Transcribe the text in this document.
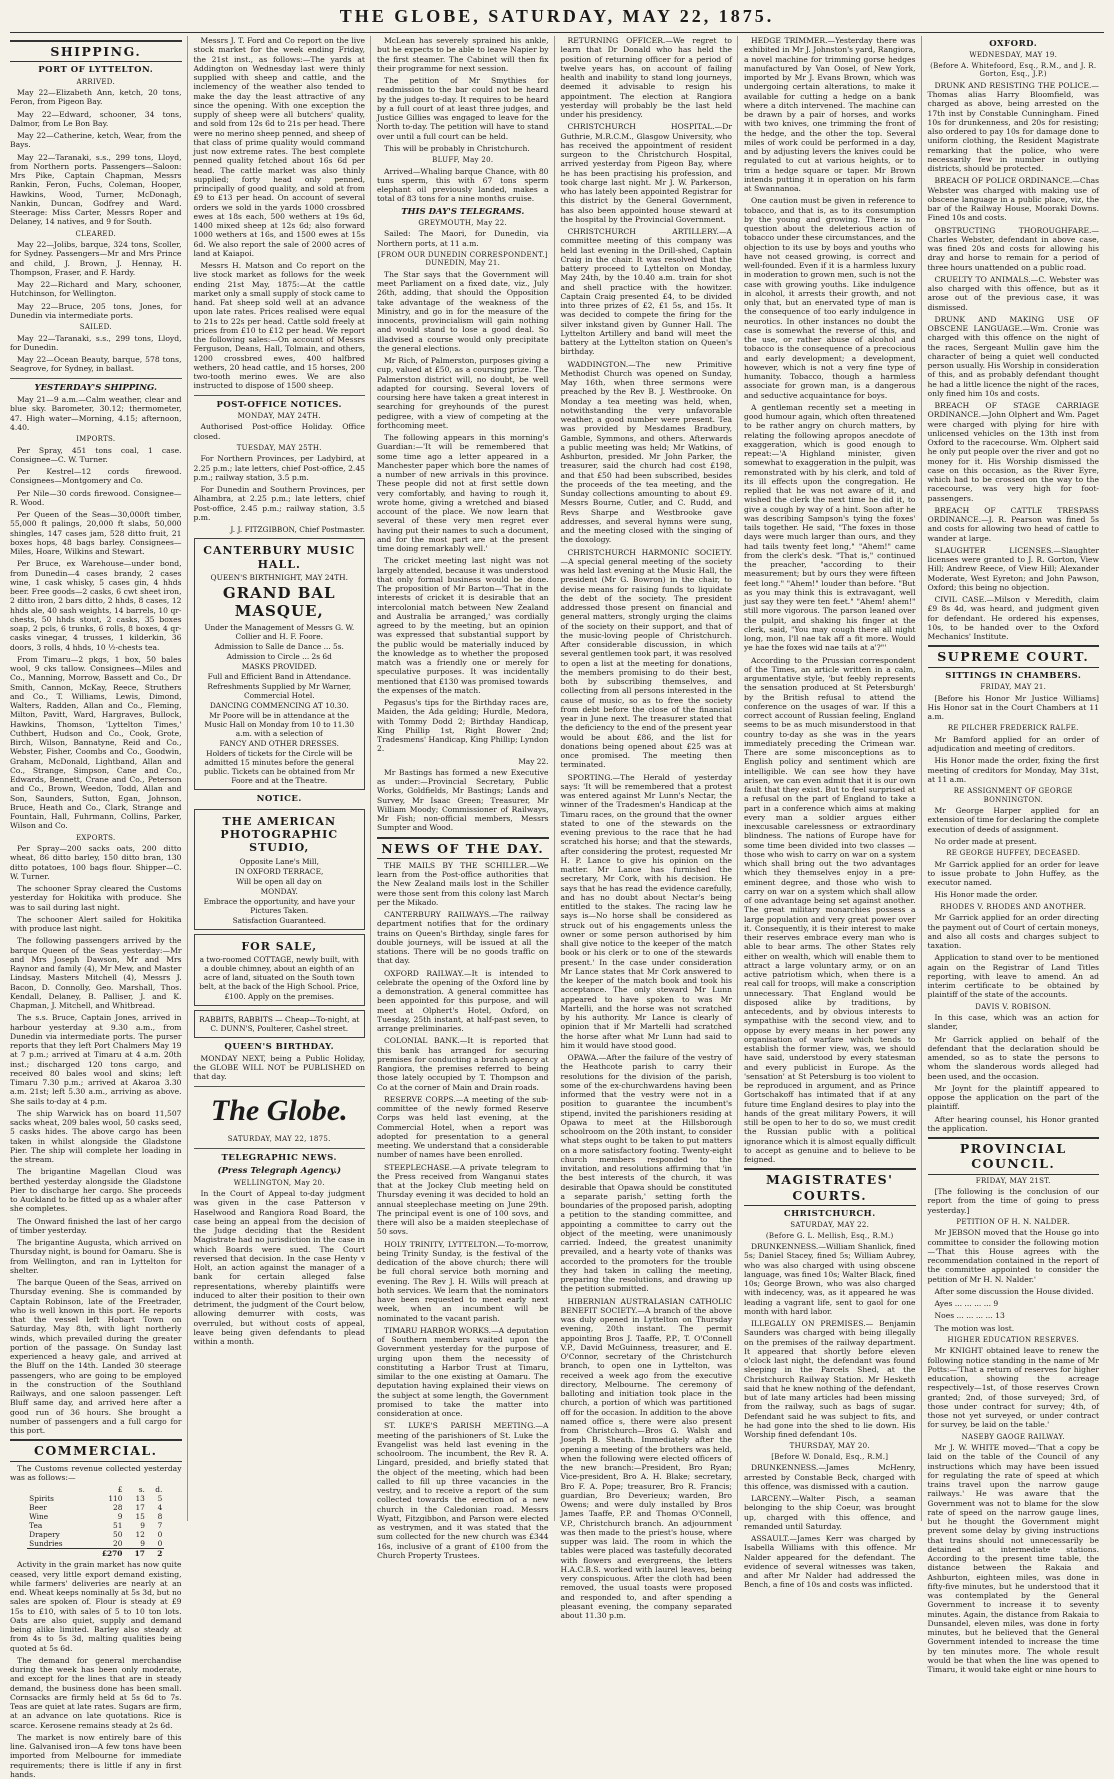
THE GLOBE, SATURDAY, MAY 22, 1875.
SHIPPING.
PORT OF LYTTELTON.
ARRIVED.

May 22—Elizabeth Ann, ketch, 20 tons, Feron, from Pigeon Bay.

May 22—Edward, schooner, 34 tons, Dalmor, from Le Bon Bay.

May 22—Catherine, ketch, Wear, from the Bays.

May 22—Taranaki, s.s., 299 tons, Lloyd, from Northern ports. Passengers—Saloon: Mrs Pike, Captain Chapman, Messrs Rankin, Feron, Fuchs, Coleman, Hooper, Hawkins, Wood, Turner, McDonagh, Nankin, Duncan, Godfrey and Ward. Steerage: Miss Carter, Messrs Roper and Delaney, 14 natives, and 9 for South.

CLEARED.

May 22—Jolibs, barque, 324 tons, Scoller, for Sydney. Passengers—Mr and Mrs Prince and child, J. Brown, J. Hennay, H. Thompson, Fraser, and F. Hardy.

May 22—Richard and Mary, schooner, Hutchinson, for Wellington.

May 22—Bruce, 205 tons, Jones, for Dunedin via intermediate ports.

SAILED.

May 22—Taranaki, s.s., 299 tons, Lloyd, for Dunedin.

May 22—Ocean Beauty, barque, 578 tons, Seagrove, for Sydney, in ballast.

YESTERDAY'S SHIPPING.

May 21—9 a.m.—Calm weather, clear and blue sky. Barometer, 30.12; thermometer, 47. High water—Morning, 4.15; afternoon, 4.40.

IMPORTS.

Per Spray, 451 tons coal, 1 case. Consignee—C. W. Turner.

Per Kestrel—12 cords firewood. Consignees—Montgomery and Co.

Per Nile—30 cords firewood. Consignee—R. Wood.

Per Queen of the Seas—30,000ft timber, 55,000 ft palings, 20,000 ft slabs, 50,000 shingles, 147 cases jam, 528 ditto fruit, 21 boxes hops, 48 bags barley. Consignees—Miles, Hoare, Wilkins and Stewart.

Per Bruce, ex Warehouse—under bond, from Dunedin—4 cases brandy, 2 cases wine, 1 cask whisky, 5 cases gin, 4 hhds beer. Free goods—2 casks, 6 cwt sheet iron, 2 ditto iron, 2 bars ditto, 2 hhds, 8 cases, 12 hhds ale, 40 sash weights, 14 barrels, 10 qr-chests, 50 hhds stout, 2 casks, 35 boxes soap, 2 pcls, 6 trunks, 6 rolls, 8 boxes, 4 qr-casks vinegar, 4 trusses, 1 kilderkin, 36 doors, 3 rolls, 4 hhds, 10 ½-chests tea.

From Timaru—2 pkgs, 1 box, 50 bales wool, 9 cks tallow. Consignees—Miles and Co., Manning, Morrow, Bassett and Co., Dr Smith, Cannon, McKay, Reece, Struthers and Co., T. Williams, Lewis, Dimond, Walters, Radden, Allan and Co., Fleming, Milton, Pavitt, Ward, Hargraves, Bullock, Hawkins, Thomson, 'Lyttelton Times,' Cuthbert, Hudson and Co., Cook, Grote, Birch, Wilson, Bannatyne, Reid and Co., Webster, Fisher, Coombs and Co., Goodwin, Graham, McDonald, Lightband, Allan and Co., Strange, Simpson, Cane and Co., Edwards, Bennett, Crane and Co., Peterson and Co., Brown, Weedon, Todd, Allan and Son, Saunders, Sutton, Egan, Johnson, Bruce, Heath and Co., Clark, Strange and Fountain, Hall, Fuhrmann, Collins, Parker, Wilson and Co.

EXPORTS.

Per Spray—200 sacks oats, 200 ditto wheat, 86 ditto barley, 150 ditto bran, 130 ditto potatoes, 100 bags flour. Shipper—C. W. Turner.

The schooner Spray cleared the Customs yesterday for Hokitika with produce. She was to sail during last night.

The schooner Alert sailed for Hokitika with produce last night.

The following passengers arrived by the barque Queen of the Seas yesterday:—Mr and Mrs Joseph Dawson, Mr and Mrs Raynor and family (4), Mr Mew, and Master Lindsay, Masters Mitchell (4), Messrs J. Bacon, D. Connolly, Geo. Marshall, Thos. Kendall, Delaney, B. Palliser, J. and K. Chapman, J. Mitchell, and Whitbread.

The s.s. Bruce, Captain Jones, arrived in harbour yesterday at 9.30 a.m., from Dunedin via intermediate ports. The purser reports that they left Port Chalmers May 19 at 7 p.m.; arrived at Timaru at 4 a.m. 20th inst.; discharged 120 tons cargo, and received 80 bales wool and skins; left Timaru 7.30 p.m.; arrived at Akaroa 3.30 a.m. 21st; left 5.30 a.m., arriving as above. She sails to-day at 4 p.m.

The ship Warwick has on board 11,507 sacks wheat, 209 bales wool, 50 casks seed, 5 casks hides. The above cargo has been taken in whilst alongside the Gladstone Pier. The ship will complete her loading in the stream.

The brigantine Magellan Cloud was berthed yesterday alongside the Gladstone Pier to discharge her cargo. She proceeds to Auckland to be fitted up as a whaler after she completes.

The Onward finished the last of her cargo of timber yesterday.

The brigantine Augusta, which arrived on Thursday night, is bound for Oamaru. She is from Wellington, and ran in Lyttelton for shelter.

The barque Queen of the Seas, arrived on Thursday evening. She is commanded by Captain Robinson, late of the Freetrader, who is well known in this port. He reports that the vessel left Hobart Town on Saturday, May 8th, with light northerly winds, which prevailed during the greater portion of the passage. On Sunday last experienced a heavy gale, and arrived at the Bluff on the 14th. Landed 30 steerage passengers, who are going to be employed in the construction of the Southland Railways, and one saloon passenger. Left Bluff same day, and arrived here after a good run of 36 hours. She brought a number of passengers and a full cargo for this port.

COMMERCIAL.

The Customs revenue collected yesterday was as follows:—

	£	s.	d.
Spirits	110	13	5
Beer	28	17	4
Wine	9	15	8
Tea	51	9	7
Drapery	50	12	0
Sundries	20	9	0
	£270	17	2

Activity in the grain market has now quite ceased, very little export demand existing, while farmers' deliveries are nearly at an end. Wheat keeps nominally at 5s 3d, but no sales are spoken of. Flour is steady at £9 15s to £10, with sales of 5 to 10 ton lots. Oats are also quiet, supply and demand being alike limited. Barley also steady at from 4s to 5s 3d, malting qualities being quoted at 5s 6d.

The demand for general merchandise during the week has been only moderate, and except for the lines that are in steady demand, the business done has been small. Cornsacks are firmly held at 5s 6d to 7s. Teas are quiet at late rates. Sugars are firm, at an advance on late quotations. Rice is scarce. Kerosene remains steady at 2s 6d.

The market is now entirely bare of this line. Galvanised iron—A few tons have been imported from Melbourne for immediate requirements; there is little if any in first hands.

Messrs J. T. Ford and Co report on the live stock market for the week ending Friday, the 21st inst., as follows:—The yards at Addington on Wednesday last were thinly supplied with sheep and cattle, and the inclemency of the weather also tended to make the day the least attractive of any since the opening. With one exception the supply of sheep were all butchers' quality, and sold from 12s 6d to 21s per head. There were no merino sheep penned, and sheep of that class of prime quality would command just now extreme rates. The best complete penned quality fetched about 16s 6d per head. The cattle market was also thinly supplied; forty head only penned, principally of good quality, and sold at from £9 to £13 per head. On account of several orders we sold in the yards 1000 crossbred ewes at 18s each, 500 wethers at 19s 6d, 1400 mixed sheep at 12s 6d; also forward 1000 wethers at 16s, and 1500 ewes at 15s 6d. We also report the sale of 2000 acres of land at Kaiapoi.

Messrs H. Matson and Co report on the live stock market as follows for the week ending 21st May, 1875:—At the cattle market only a small supply of stock came to hand. Fat sheep sold well at an advance upon late rates. Prices realised were equal to 21s to 22s per head. Cattle sold freely at prices from £10 to £12 per head. We report the following sales:—On account of Messrs Ferguson, Deans, Hall, Tolmain, and others, 1200 crossbred ewes, 400 halfbred wethers, 20 head cattle, and 15 horses, 200 two-tooth merino ewes. We are also instructed to dispose of 1500 sheep.

POST-OFFICE NOTICES.
MONDAY, MAY 24TH.

Authorised Post-office Holiday. Office closed.

TUESDAY, MAY 25TH.

For Northern Provinces, per Ladybird, at 2.25 p.m.; late letters, chief Post-office, 2.45 p.m.; railway station, 3.5 p.m.

For Dunedin and Southern Provinces, per Alhambra, at 2.25 p.m.; late letters, chief Post-office, 2.45 p.m.; railway station, 3.5 p.m.

J. J. FITZGIBBON, Chief Postmaster.
CANTERBURY MUSIC HALL.
QUEEN'S BIRTHNIGHT, MAY 24TH.
GRAND BAL MASQUE,
Under the Management of Messrs G. W. Collier and H. F. Foore.
Admission to Salle de Dance ... 5s.
Admission to Circle ... 2s 6d
MASKS PROVIDED.
Full and Efficient Band in Attendance.
Refreshments Supplied by Mr Warner, Commercial Hotel.
DANCING COMMENCING AT 10.30.
Mr Poore will be in attendance at the Music Hall on Monday from 10 to 11.30 a.m. with a selection of
FANCY AND OTHER DRESSES.
Holders of tickets for the Circle will be admitted 15 minutes before the general public. Tickets can be obtained from Mr Foore and at the Theatre.
NOTICE.
THE AMERICAN PHOTOGRAPHIC STUDIO,
Opposite Lane's Mill,
IN OXFORD TERRACE,
Will be open all day on
MONDAY.
Embrace the opportunity, and have your Pictures Taken.
Satisfaction Guaranteed.
FOR SALE,
a two-roomed COTTAGE, newly built, with a double chimney, about an eighth of an acre of land, situated on the South town belt, at the back of the High School. Price, £100. Apply on the premises.
RABBITS, RABBITS — Cheap—To-night, at C. DUNN'S, Poulterer, Cashel street.
QUEEN'S BIRTHDAY.

MONDAY NEXT, being a Public Holiday, the GLOBE WILL NOT be PUBLISHED on that day.

The Globe.
SATURDAY, MAY 22, 1875.
TELEGRAPHIC NEWS.
(Press Telegraph Agency.)
WELLINGTON, May 20.

In the Court of Appeal to-day judgment was given in the case Patterson v Haselwood and Rangiora Road Board, the case being an appeal from the decision of the Judge deciding that the Resident Magistrate had no jurisdiction in the case in which Boards were sued. The Court reversed that decision. In the case Henty v Holt, an action against the manager of a bank for certain alleged false representations, whereby plaintiffs were induced to alter their position to their own detriment, the judgment of the Court below, allowing demurrer with costs, was overruled, but without costs of appeal, leave being given defendants to plead within a month.

McLean has severely sprained his ankle, but he expects to be able to leave Napier by the first steamer. The Cabinet will then fix their programme for next session.

The petition of Mr Smythies for readmission to the bar could not be heard by the judges to-day. It requires to be heard by a full court of at least three judges, and Justice Gillies was engaged to leave for the North to-day. The petition will have to stand over until a full court can be held.

This will be probably in Christchurch.

BLUFF, May 20.

Arrived—Whaling barque Chance, with 80 tuns sperm, this with 67 tons sperm elephant oil previously landed, makes a total of 83 tons for a nine months cruise.

THIS DAY'S TELEGRAMS.
GREYMOUTH, May 22.

Sailed: The Maori, for Dunedin, via Northern ports, at 11 a.m.

[FROM OUR DUNEDIN CORRESPONDENT.] DUNEDIN, May 21.

The Star says that the Government will meet Parliament on a fixed date, viz., July 26th, adding, that should the Opposition take advantage of the weakness of the Ministry, and go in for the measure of the innocents, provincialism will gain nothing and would stand to lose a good deal. So illadvised a course would only precipitate the general elections.

Mr Rich, of Palmerston, purposes giving a cup, valued at £50, as a coursing prize. The Palmerston district will, no doubt, be well adapted for coursing. Several lovers of coursing here have taken a great interest in searching for greyhounds of the purest pedigree, with a view of competing at the forthcoming meet.

The following appears in this morning's Guardian:—'It will be remembered that some time ago a letter appeared in a Manchester paper which bore the names of a number of new arrivals in this province. These people did not at first settle down very comfortably, and having to rough it, wrote home, giving a wretched and biased account of the place. We now learn that several of these very men regret ever having put their names to such a document, and for the most part are at the present time doing remarkably well.'

The cricket meeting last night was not largely attended, because it was understood that only formal business would be done. The proposition of Mr Barton—'That in the interests of cricket it is desirable that an intercolonial match between New Zealand and Australia be arranged,' was cordially agreed to by the meeting, but an opinion was expressed that substantial support by the public would be materially induced by the knowledge as to whether the proposed match was a friendly one or merely for speculative purposes. It was incidentally mentioned that £130 was promised towards the expenses of the match.

Pegasus's tips for the Birthday races are, Maiden, the Ada gelding; Hurdle, Medora, with Tommy Dodd 2; Birthday Handicap, King Phillip 1st, Right Bower 2nd; Tradesmens' Handicap, King Phillip; Lyndon 2.

May 22.

Mr Bastings has formed a new Executive as under:—Provincial Secretary, Public Works, Goldfields, Mr Bastings; Lands and Survey, Mr Isaac Green; Treasurer, Mr William Moody; Commissioner of Railways, Mr Fish; non-official members, Messrs Sumpter and Wood.

NEWS OF THE DAY.

THE MAILS BY THE SCHILLER.—We learn from the Post-office authorities that the New Zealand mails lost in the Schiller were those sent from this colony last March per the Mikado.

CANTERBURY RAILWAYS.—The railway department notifies that for the ordinary trains on Queen's Birthday, single fares for double journeys, will be issued at all the stations. There will be no goods traffic on that day.

OXFORD RAILWAY.—It is intended to celebrate the opening of the Oxford line by a demonstration. A general committee has been appointed for this purpose, and will meet at Olphert's Hotel, Oxford, on Tuesday, 25th instant, at half-past seven, to arrange preliminaries.

COLONIAL BANK.—It is reported that this bank has arranged for securing premises for conducting a branch agency at Rangiora, the premises referred to being those lately occupied by T. Thompson and Co at the corner of Main and Drain roads.

RESERVE CORPS.—A meeting of the sub-committee of the newly formed Reserve Corps was held last evening, at the Commercial Hotel, when a report was adopted for presentation to a general meeting. We understand that a considerable number of names have been enrolled.

STEEPLECHASE.—A private telegram to the Press received from Wanganui states that at the Jockey Club meeting held on Thursday evening it was decided to hold an annual steeplechase meeting on June 29th. The principal event is one of 100 sovs, and there will also be a maiden steeplechase of 50 sovs.

HOLY TRINITY, LYTTELTON.—To-morrow, being Trinity Sunday, is the festival of the dedication of the above church; there will be full choral service both morning and evening. The Rev J. H. Wills will preach at both services. We learn that the nominators have been requested to meet early next week, when an incumbent will be nominated to the vacant parish.

TIMARU HARBOR WORKS.—A deputation of Southern members waited upon the Government yesterday for the purpose of urging upon them the necessity of constituting a Harbor Trust at Timaru, similar to the one existing at Oamaru. The deputation having explained their views on the subject at some length, the Government promised to take the matter into consideration at once.

ST. LUKE'S PARISH MEETING.—A meeting of the parishioners of St. Luke the Evangelist was held last evening in the schoolroom. The incumbent, the Rev R. A. Lingard, presided, and briefly stated that the object of the meeting, which had been called to fill up three vacancies in the vestry, and to receive a report of the sum collected towards the erection of a new church in the Caledonian road. Messrs Wyatt, Fitzgibbon, and Parson were elected as vestrymen, and it was stated that the sum collected for the new church was £344 16s, inclusive of a grant of £100 from the Church Property Trustees.

RETURNING OFFICER.—We regret to learn that Dr Donald who has held the position of returning officer for a period of twelve years has, on account of failing health and inability to stand long journeys, deemed it advisable to resign his appointment. The election at Rangiora yesterday will probably be the last held under his presidency.

CHRISTCHURCH HOSPITAL.—Dr Guthrie, M.R.C.M., Glasgow University, who has received the appointment of resident surgeon to the Christchurch Hospital, arrived yesterday from Pigeon Bay, where he has been practising his profession, and took charge last night. Mr J. W. Parkerson, who has lately been appointed Registrar for this district by the General Government, has also been appointed house steward at the hospital by the Provincial Government.

CHRISTCHURCH ARTILLERY.—A committee meeting of this company was held last evening in the Drill-shed, Captain Craig in the chair. It was resolved that the battery proceed to Lyttelton on Monday, May 24th, by the 10.40 a.m. train for shot and shell practice with the howitzer. Captain Craig presented £4, to be divided into three prizes of £2, £1 5s, and 15s. It was decided to compete the firing for the silver inkstand given by Gunner Hall. The Lyttelton Artillery and band will meet the battery at the Lyttelton station on Queen's birthday.

WADDINGTON.—The new Primitive Methodist Church was opened on Sunday, May 16th, when three sermons were preached by the Rev B. J. Westbrooke. On Monday a tea meeting was held, when, notwithstanding the very unfavorable weather, a good number were present. Tea was provided by Mesdames Bradbury, Gamble, Symmons, and others. Afterwards a public meeting was held; Mr Watkins, of Ashburton, presided. Mr John Parker, the treasurer, said the church had cost £198, and that £50 had been subscribed, besides the proceeds of the tea meeting, and the Sunday collections amounting to about £9. Messrs Bourne, Cutler, and C. Rudd, and Revs Sharpe and Westbrooke gave addresses, and several hymns were sung, and the meeting closed with the singing of the doxology.

CHRISTCHURCH HARMONIC SOCIETY.—A special general meeting of the society was held last evening at the Music Hall, the president (Mr G. Bowron) in the chair, to devise means for raising funds to liquidate the debt of the society. The president addressed those present on financial and general matters, strongly urging the claims of the society on their support, and that of the music-loving people of Christchurch. After considerable discussion, in which several gentlemen took part, it was resolved to open a list at the meeting for donations, the members promising to do their best, both by subscribing themselves, and collecting from all persons interested in the cause of music, so as to free the society from debt before the close of the financial year in June next. The treasurer stated that the deficiency to the end of the present year would be about £86, and the list for donations being opened about £25 was at once promised. The meeting then terminated.

SPORTING.—The Herald of yesterday says: 'It will be remembered that a protest was entered against Mr Lunn's Nectar, the winner of the Tradesmen's Handicap at the Timaru races, on the ground that the owner stated to one of the stewards on the evening previous to the race that he had scratched his horse; and that the stewards, after considering the protest, requested Mr H. P. Lance to give his opinion on the matter. Mr Lance has furnished the secretary, Mr Cork, with his decision. He says that he has read the evidence carefully, and has no doubt about Nectar's being entitled to the stakes. The racing law he says is—No horse shall be considered as struck out of his engagements unless the owner or some person authorised by him shall give notice to the keeper of the match book or his clerk or to one of the stewards present.' In the case under consideration Mr Lance states that Mr Cork answered to the keeper of the match book and took his acceptance. The only steward Mr Lunn appeared to have spoken to was Mr Martelli, and the horse was not scratched by his authority. Mr Lance is clearly of opinion that if Mr Martelli had scratched the horse after what Mr Lunn had said to him it would have stood good.

OPAWA.—After the failure of the vestry of the Heathcote parish to carry their resolutions for the division of the parish, some of the ex-churchwardens having been informed that the vestry were not in a position to guarantee the incumbent's stipend, invited the parishioners residing at Opawa to meet at the Hillsborough schoolroom on the 20th instant, to consider what steps ought to be taken to put matters on a more satisfactory footing. Twenty-eight church members responded to the invitation, and resolutions affirming that 'in the best interests of the church, it was desirable that Opawa should be constituted a separate parish,' setting forth the boundaries of the proposed parish, adopting a petition to the standing committee, and appointing a committee to carry out the object of the meeting, were unanimously carried. Indeed, the greatest unanimity prevailed, and a hearty vote of thanks was accorded to the promoters for the trouble they had taken in calling the meeting, preparing the resolutions, and drawing up the petition submitted.

HIBERNIAN AUSTRALASIAN CATHOLIC BENEFIT SOCIETY.—A branch of the above was duly opened in Lyttelton on Thursday evening, 20th instant. The permit appointing Bros J. Taaffe, P.P., T. O'Connell V.P., David McGuinness, treasurer, and E. O'Connor, secretary of the Christchurch branch, to open one in Lyttelton, was received a week ago from the executive directory, Melbourne. The ceremony of balloting and initiation took place in the church, a portion of which was partitioned off for the occasion. In addition to the above named office s, there were also present from Christchurch—Bros G. Walsh and Joseph B. Sheath. Immediately after the opening a meeting of the brothers was held, when the following were elected officers of the new branch:—President, Bro Ryan; Vice-president, Bro A. H. Blake; secretary, Bro F. A. Pope; treasurer, Bro R. Francis; guardian, Bro Deverieux; warden, Bro Owens; and were duly installed by Bros James Taaffe, P.P. and Thomas O'Connell, V.P., Christchurch branch. An adjournment was then made to the priest's house, where supper was laid. The room in which the tables were placed was tastefully decorated with flowers and evergreens, the letters H.A.C.B.S. worked with laurel leaves, being very conspicuous. After the cloth had been removed, the usual toasts were proposed and responded to, and after spending a pleasant evening, the company separated about 11.30 p.m.

HEDGE TRIMMER.—Yesterday there was exhibited in Mr J. Johnston's yard, Rangiora, a novel machine for trimming gorse hedges manufactured by Van Oosel, of New York, imported by Mr J. Evans Brown, which was undergoing certain alterations, to make it available for cutting a hedge on a bank where a ditch intervened. The machine can be drawn by a pair of horses, and works with two knives, one trimming the front of the hedge, and the other the top. Several miles of work could be performed in a day, and by adjusting levers the knives could be regulated to cut at various heights, or to trim a hedge square or taper. Mr Brown intends putting it in operation on his farm at Swannanoa.

One caution must be given in reference to tobacco, and that is, as to its consumption by the young and growing. There is no question about the deleterious action of tobacco under these circumstances, and the objection to its use by boys and youths who have not ceased growing, is correct and well-founded. Even if it is a harmless luxury in moderation to grown men, such is not the case with growing youths. Like indulgence in alcohol, it arrests their growth, and not only that, but an enervated type of man is the consequence of too early indulgence in neurotics. In other instances no doubt the case is somewhat the reverse of this, and the use, or rather abuse of alcohol and tobacco is the consequence of a precocious and early development; a development, however, which is not a very fine type of humanity. Tobacco, though a harmless associate for grown man, is a dangerous and seductive acquaintance for boys.

A gentleman recently set a meeting in good humour again, which often threatened to be rather angry on church matters, by relating the following apropos anecdote of exaggeration, which is good enough to repeat:—'A Highland minister, given somewhat to exaggeration in the pulpit, was remonstrated with by his clerk, and told of its ill effects upon the congregation. He replied that he was not aware of it, and wished the clerk the next time he did it, to give a cough by way of a hint. Soon after he was describing Sampson's tying the foxes' tails together. He said, "The foxes in those days were much larger than ours, and they had tails twenty feet long," "Ahem!" came from the clerk's desk. "That is," continued the preacher, "according to their measurement; but by ours they were fifteen feet long." "Ahem!" louder than before. "But as you may think this is extravagant, well just say they were ten feet." "Ahem! ahem!" still more vigorous. The parson leaned over the pulpit, and shaking his finger at the clerk, said, "You may cough there all night long, mon, I'll nae tak aff a fit more. Would ye hae the foxes wid nae tails at a'?"'

According to the Prussian correspondent of the Times, an article written in a calm, argumentative style, 'but feebly represents the sensation produced at St Petersburgh' by the British refusal to attend the conference on the usages of war. If this a correct account of Russian feeling, England seems to be as much misunderstood in that country to-day as she was in the years immediately preceding the Crimean war. There are some misconceptions as to English policy and sentiment which are intelligible. We can see how they have arisen, we can even admit that it is our own fault that they exist. But to feel surprised at a refusal on the part of England to take a part in a conference which aims at making every man a soldier argues either inexcusable carelessness or extraordinary blindness. The nations of Europe have for some time been divided into two classes —those who wish to carry on war on a system which shall bring out the two advantages which they themselves enjoy in a pre-eminent degree, and those who wish to carry on war on a system which shall allow of one advantage being set against another. The great military monarchies possess a large population and very great power over it. Consequently, it is their interest to make their reserves embrace every man who is able to bear arms. The other States rely either on wealth, which will enable them to attract a large voluntary army, or on an active patriotism which, when there is a real call for troops, will make a conscription unnecessary. That England would be disposed alike by traditions, by antecedents, and by obvious interests to sympathise with the second view, and to oppose by every means in her power any organisation of warfare which tends to establish the former view, was, we should have said, understood by every statesman and every publicist in Europe. As the 'sensation' at St Petersburg is too violent to be reproduced in argument, and as Prince Gortschakoff has intimated that if at any future time England desires to play into the hands of the great military Powers, it will still be open to her to do so, we must credit the Russian public with a political ignorance which it is almost equally difficult to accept as genuine and to believe to be feigned.

MAGISTRATES' COURTS.
CHRISTCHURCH.
SATURDAY, MAY 22.
(Before G. L. Mellish, Esq., R.M.)

DRUNKENNESS.—William Shanlick, fined 5s; Daniel Stacey, fined 5s; William Aubrey, who was also charged with using obscene language, was fined 10s; Walter Black, fined 10s; George Brown, who was also charged with indecency, was, as it appeared he was leading a vagrant life, sent to gaol for one month with hard labor.

ILLEGALLY ON PREMISES.— Benjamin Saunders was charged with being illegally on the premises of the railway department. It appeared that shortly before eleven o'clock last night, the defendant was found sleeping in the Parcels Shed, at the Christchurch Railway Station. Mr Hesketh said that he knew nothing of the defendant, but of late many articles had been missing from the railway, such as bags of sugar. Defendant said he was subject to fits, and he had gone into the shed to lie down. His Worship fined defendant 10s.

THURSDAY, MAY 20.
[Before W. Donald, Esq., R.M.]

DRUNKENNESS.—James McHenry, arrested by Constable Beck, charged with this offence, was dismissed with a caution.

LARCENY.—Walter Pisch, a seaman belonging to the ship Coeur, was brought up, charged with this offence, and remanded until Saturday.

ASSAULT.—James Kerr was charged by Isabella Williams with this offence. Mr Nalder appeared for the defendant. The evidence of several witnesses was taken, and after Mr Nalder had addressed the Bench, a fine of 10s and costs was inflicted.

OXFORD.
WEDNESDAY, MAY 19.
(Before A. Whitefoord, Esq., R.M., and J. R. Gorton, Esq., J.P.)

DRUNK AND RESISTING THE POLICE.—Thomas alias Harry Bloomfield, was charged as above, being arrested on the 17th inst by Constable Cunningham. Fined 10s for drunkenness, and 20s for resisting; also ordered to pay 10s for damage done to uniform clothing, the Resident Magistrate remarking that the police, who were necessarily few in number in outlying districts, should be protected.

BREACH OF POLICE ORDINANCE.—Chas Webster was charged with making use of obscene language in a public place, viz, the bar of the Railway House, Mooraki Downs. Fined 10s and costs.

OBSTRUCTING THOROUGHFARE.—Charles Webster, defendant in above case, was fined 20s and costs for allowing his dray and horse to remain for a period of three hours unattended on a public road.

CRUELTY TO ANIMALS.—C. Webster was also charged with this offence, but as it arose out of the previous case, it was dismissed.

DRUNK AND MAKING USE OF OBSCENE LANGUAGE.—Wm. Cronie was charged with this offence on the night of the races, Sergeant Mullin gave him the character of being a quiet well conducted person usually. His Worship in consideration of this, and as probably defendant thought he had a little licence the night of the races, only fined him 10s and costs.

BREACH OF STAGE CARRIAGE ORDINANCE.—John Olphert and Wm. Paget were charged with plying for hire with unlicensed vehicles on the 13th inst from Oxford to the racecourse. Wm. Olphert said he only put people over the river and got no money for it. His Worship dismissed the case on this occasion, as the River Eyre, which had to be crossed on the way to the racecourse, was very high for foot-passengers.

BREACH OF CATTLE TRESPASS ORDINANCE.—J. R. Pearson was fined 5s and costs for allowing two head of cattle to wander at large.

SLAUGHTER LICENSES.—Slaughter licenses were granted to J. R. Gorton, View Hill; Andrew Reece, of View Hill; Alexander Moderate, West Eyreton; and John Pawson, Oxford; this being no objection.

CIVIL CASE.—Milson v Meredith, claim £9 8s 4d, was heard, and judgment given for defendant. He ordered his expenses, 10s, to be handed over to the Oxford Mechanics' Institute.

SUPREME COURT.
SITTINGS IN CHAMBERS.
FRIDAY, MAY 21.

[Before his Honor Mr Justice Williams] His Honor sat in the Court Chambers at 11 a.m.

RE PILCHER FREDERICK RALFE.

Mr Bamford applied for an order of adjudication and meeting of creditors.

His Honor made the order, fixing the first meeting of creditors for Monday, May 31st, at 11 a.m.

RE ASSIGNMENT OF GEORGE BONNINGTON.

Mr George Harper applied for an extension of time for declaring the complete execution of deeds of assignment.

No order made at present.

RE GEORGE HUFFEY, DECEASED.

Mr Garrick applied for an order for leave to issue probate to John Huffey, as the executor named.

His Honor made the order.

RHODES V. RHODES AND ANOTHER.

Mr Garrick applied for an order directing the payment out of Court of certain moneys, and also all costs and charges subject to taxation.

Application to stand over to be mentioned again on the Registrar of Land Titles reporting, with leave to amend. An ad interim certificate to be obtained by plaintiff of the state of the accounts.

DAVIS V. ROBISON.

In this case, which was an action for slander,

Mr Garrick applied on behalf of the defendant that the declaration should be amended, so as to state the persons to whom the slanderous words alleged had been used, and the occasion.

Mr Joynt for the plaintiff appeared to oppose the application on the part of the plaintiff.

After hearing counsel, his Honor granted the application.

PROVINCIAL COUNCIL.
FRIDAY, MAY 21ST.

[The following is the conclusion of our report from the time of going to press yesterday.]

PETITION OF H. N. NALDER.

Mr JEBSON moved that the House go into committee to consider the following motion—'That this House agrees with the recommendation contained in the report of the committee appointed to consider the petition of Mr H. N. Nalder.'

After some discussion the House divided.

Ayes ... ... ... ... 9

Noes ... ... ... ... 13

The motion was lost.

HIGHER EDUCATION RESERVES.

Mr KNIGHT obtained leave to renew the following notice standing in the name of Mr Potts:—'That a return of reserves for higher education, showing the acreage respectively—1st, of those reserves Crown granted; 2nd, of those surveyed; 3rd, of those under contract for survey; 4th, of those not yet surveyed, or under contract for survey, be laid on the table.'

NASEBY GAOGE RAILWAY.

Mr J. W. WHITE moved—'That a copy be laid on the table of the Council of any instructions which may have been issued for regulating the rate of speed at which trains travel upon the narrow gauge railways.' He was aware that the Government was not to blame for the slow rate of speed on the narrow gauge lines, but he thought the Government might prevent some delay by giving instructions that trains should not unnecessarily be detained at intermediate stations. According to the present time table, the distance between the Rakaia and Ashburton, eighteen miles, was done in fifty-five minutes, but he understood that it was contemplated by the General Government to increase it to seventy minutes. Again, the distance from Rakaia to Dunsandel, eleven miles, was done in forty minutes, but he believed that the General Government intended to increase the time by ten minutes more. The whole result would be that when the line was opened to Timaru, it would take eight or nine hours to
